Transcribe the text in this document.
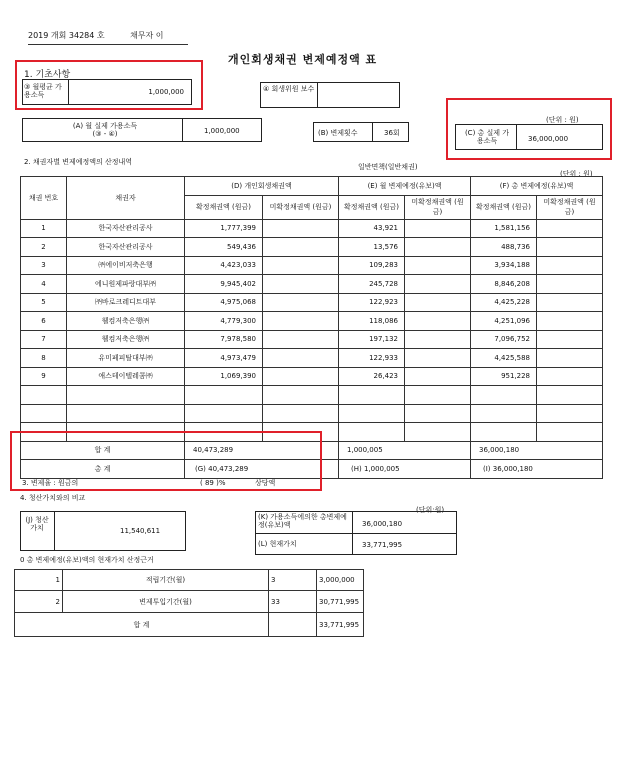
2019 개회 34284 호	채무자 이
개인회생채권 변제예정액 표
1. 기초사항
③ 월평균 가용소득	1,000,000	④ 회생위원 보수
(A) 월 실제 가용소득 (③ - ④)	1,000,000	(B) 변제횟수	36회
(단위 : 원)
(C) 총 실제 가용소득	36,000,000
2. 채권자별 변제예정액의 산정내역
일반면책(일반채권)
(단위 : 원)
채권 번호	채권자	(D) 개인회생채권액		(E) 월 변제예정(유보)액		(F) 총 변제예정(유보)액	
		확정채권액 (원금)	미확정채권액 (원금)	확정채권액 (원금)	미확정채권액 (원금)	확정채권액 (원금)	미확정채권액 (원금)
1	한국자산관리공사	1,777,399		43,921		1,581,156	
2	한국자산관리공사	549,436		13,576		488,736	
3	㈜에이비저축은행	4,423,033		109,283		3,934,188	
4	에니원제파랑대부㈜	9,945,402		245,728		8,846,208	
5	㈜바로크레디트대부	4,975,068		122,923		4,425,228	
6	웰컴저축은행㈜	4,779,300		118,086		4,251,096	
7	웰컴저축은행㈜	7,978,580		197,132		7,096,752	
8	유미페피탈대부㈜	4,973,479		122,933		4,425,588	
9	애스테이텔레콤㈜	1,069,390		26,423		951,228	

합 계		40,473,289		1,000,005		36,000,180	
총 계		(G) 40,473,289		(H) 1,000,005		(I) 36,000,180	
3. 변제율 : 원금의	( 89 )%	상당액
4. 청산가치와의 비교
(단위:원)
(J) 청산 가치	11,540,611
(K) 가용소득에의한 총변제예정(유보)액	36,000,180
(L) 현재가치	33,771,995
0 총 변제예정(유보)액의 현재가치 산정근거
1	적립기간(월)	3	3,000,000
2	변제투입기간(월)	33	30,771,995
합 계			33,771,995
